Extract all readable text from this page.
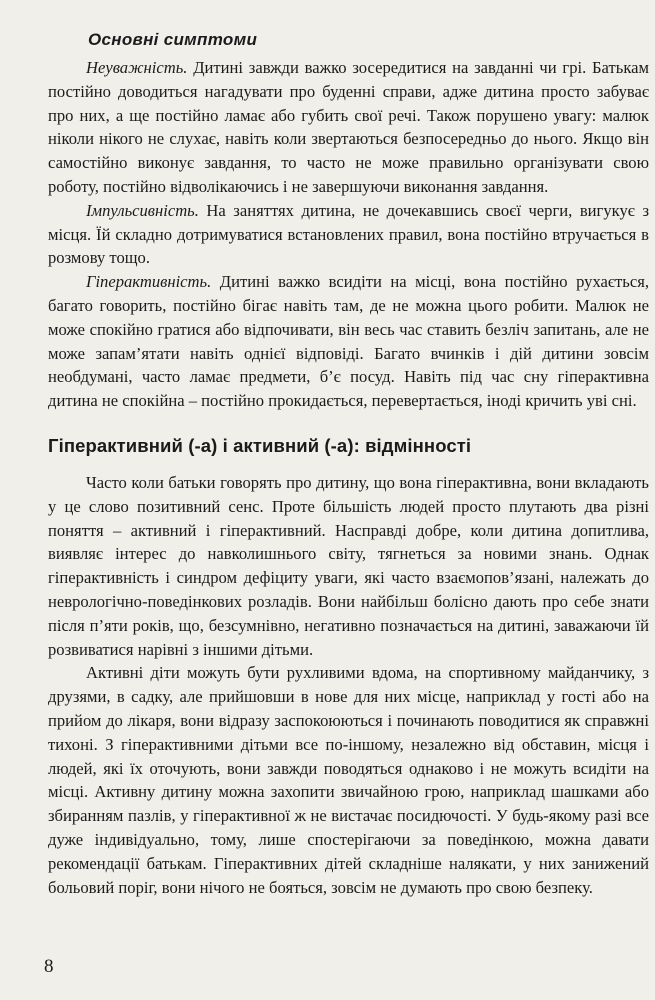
Основні симптоми

Неуважність. Дитині завжди важко зосередитися на завданні чи грі. Батькам постійно доводиться нагадувати про буденні справи, адже дитина просто забуває про них, а ще постійно ламає або губить свої речі. Також порушено увагу: малюк ніколи нікого не слухає, навіть коли звертаються безпосередньо до нього. Якщо він самостійно виконує завдання, то часто не може правильно організувати свою роботу, постійно відволікаючись і не завершуючи виконання завдання.

Імпульсивність. На заняттях дитина, не дочекавшись своєї черги, вигукує з місця. Їй складно дотримуватися встановлених правил, вона постійно втручається в розмову тощо.

Гіперактивність. Дитині важко всидіти на місці, вона постійно рухається, багато говорить, постійно бігає навіть там, де не можна цього робити. Малюк не може спокійно гратися або відпочивати, він весь час ставить безліч запитань, але не може запам’ятати навіть однієї відповіді. Багато вчинків і дій дитини зовсім необдумані, часто ламає предмети, б’є посуд. Навіть під час сну гіперактивна дитина не спокійна – постійно прокидається, перевертається, іноді кричить уві сні.

Гіперактивний (-а) і активний (-а): відмінності

Часто коли батьки говорять про дитину, що вона гіперактивна, вони вкладають у це слово позитивний сенс. Проте більшість людей просто плутають два різні поняття – активний і гіперактивний. Насправді добре, коли дитина допитлива, виявляє інтерес до навколишнього світу, тягнеться за новими знань. Однак гіперактивність і синдром дефіциту уваги, які часто взаємопов’язані, належать до неврологічно-поведінкових розладів. Вони найбільш болісно дають про себе знати після п’яти років, що, безсумнівно, негативно позначається на дитині, заважаючи їй розвиватися нарівні з іншими дітьми.

Активні діти можуть бути рухливими вдома, на спортивному майданчику, з друзями, в садку, але прийшовши в нове для них місце, наприклад у гості або на прийом до лікаря, вони відразу заспокоюються і починають поводитися як справжні тихоні. З гіперактивними дітьми все по-іншому, незалежно від обставин, місця і людей, які їх оточують, вони завжди поводяться однаково і не можуть всидіти на місці. Активну дитину можна захопити звичайною грою, наприклад шашками або збиранням пазлів, у гіперактивної ж не вистачає посидючості. У будь-якому разі все дуже індивідуально, тому, лише спостерігаючи за поведінкою, можна давати рекомендації батькам. Гіперактивних дітей складніше налякати, у них занижений больовий поріг, вони нічого не бояться, зовсім не думають про свою безпеку.

8
